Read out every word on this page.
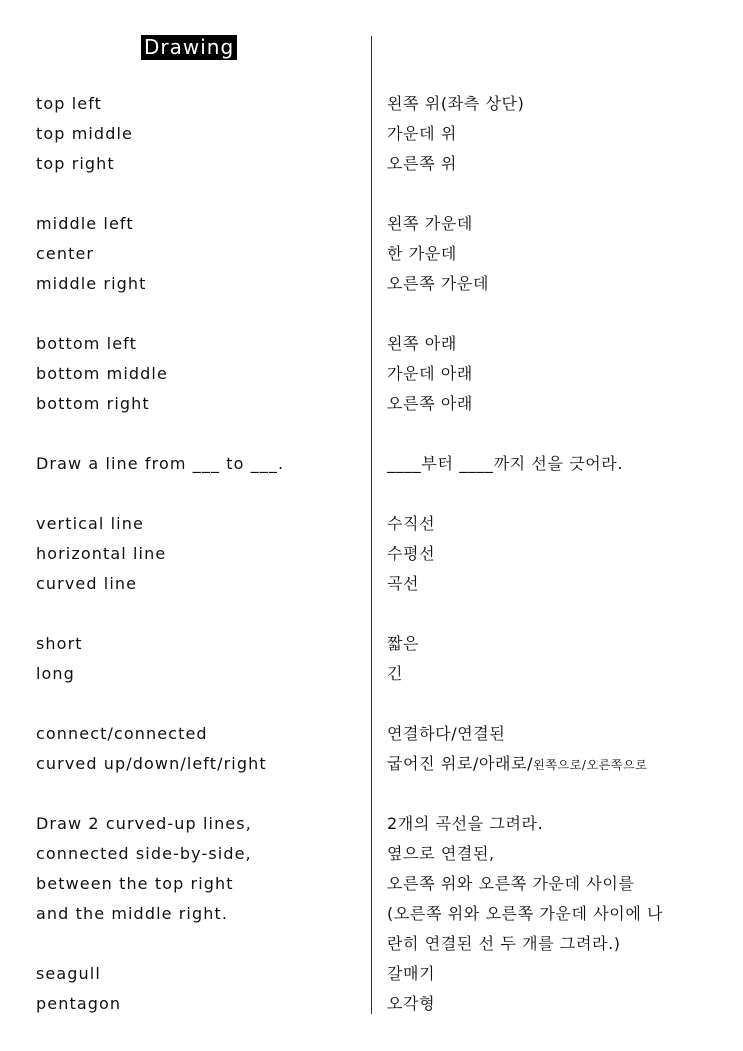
Drawing
top left
top middle
top right
middle left
center
middle right
bottom left
bottom middle
bottom right
Draw a line from ___ to ___.
vertical line
horizontal line
curved line
short
long
connect/connected
curved up/down/left/right
Draw 2 curved-up lines,
connected side-by-side,
between the top right
and the middle right.
seagull
pentagon
왼쪽 위(좌측 상단)
가운데 위
오른쪽 위
왼쪽 가운데
한 가운데
오른쪽 가운데
왼쪽 아래
가운데 아래
오른쪽 아래
____부터 ____까지 선을 긋어라.
수직선
수평선
곡선
짧은
긴
연결하다/연결된
굽어진 위로/아래로/왼쪽으로/오른쪽으로
2개의 곡선을 그려라.
옆으로 연결된,
오른쪽 위와 오른쪽 가운데 사이를
(오른쪽 위와 오른쪽 가운데 사이에 나
란히 연결된 선 두 개를 그려라.)
갈매기
오각형
